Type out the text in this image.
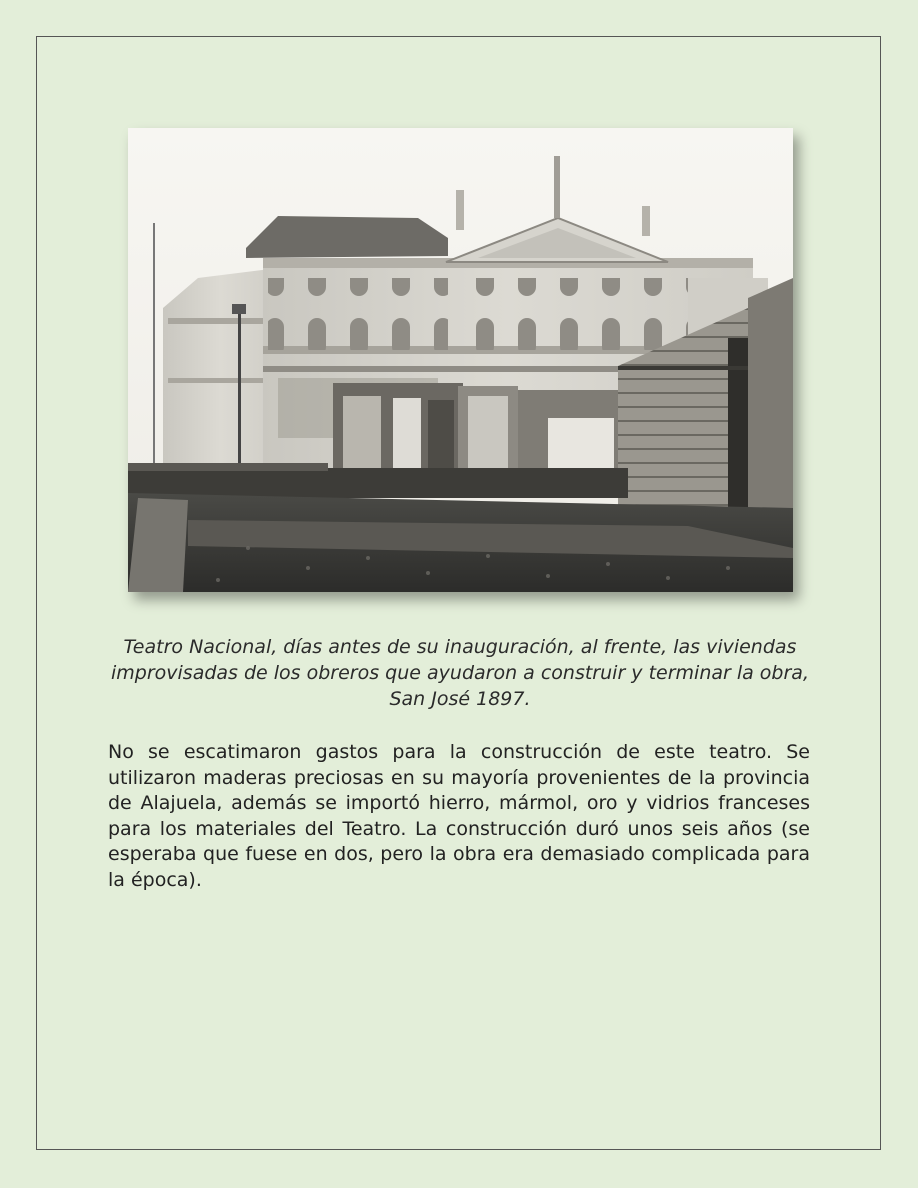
Teatro Nacional, días antes de su inauguración, al frente, las viviendas improvisadas de los obreros que ayudaron a construir y terminar la obra, San José 1897.
No se escatimaron gastos para la construcción de este teatro. Se utilizaron maderas preciosas en su mayoría provenientes de la provincia de Alajuela, además se importó hierro, mármol, oro y vidrios franceses para los materiales del Teatro. La construcción duró unos seis años (se esperaba que fuese en dos, pero la obra era demasiado complicada para la época).
